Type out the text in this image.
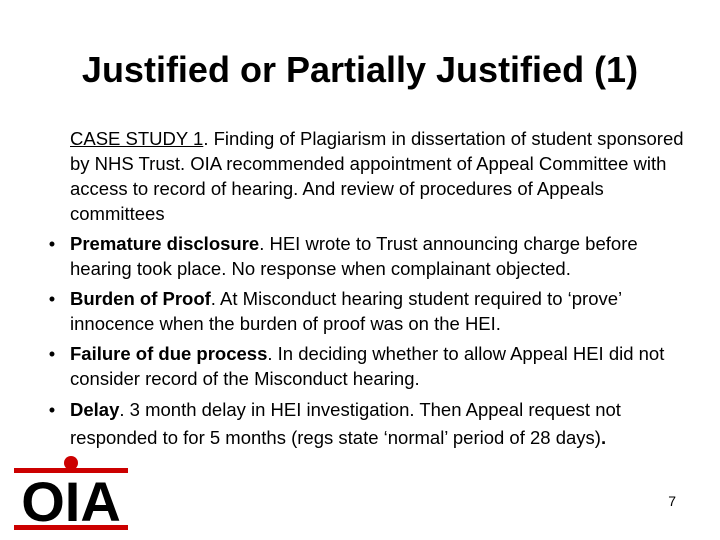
Justified or Partially Justified (1)
CASE STUDY 1. Finding of Plagiarism in dissertation of student sponsored by NHS Trust. OIA recommended appointment of Appeal Committee with access to record of hearing. And review of procedures of Appeals committees
• Premature disclosure. HEI wrote to Trust announcing charge before hearing took place. No response when complainant objected.
• Burden of Proof. At Misconduct hearing student required to ‘prove’ innocence when the burden of proof was on the HEI.
• Failure of due process. In deciding whether to allow Appeal HEI did not consider record of the Misconduct hearing.
• Delay. 3 month delay in HEI investigation. Then Appeal request not responded to for 5 months (regs state ‘normal’ period of 28 days).
OIA	7
